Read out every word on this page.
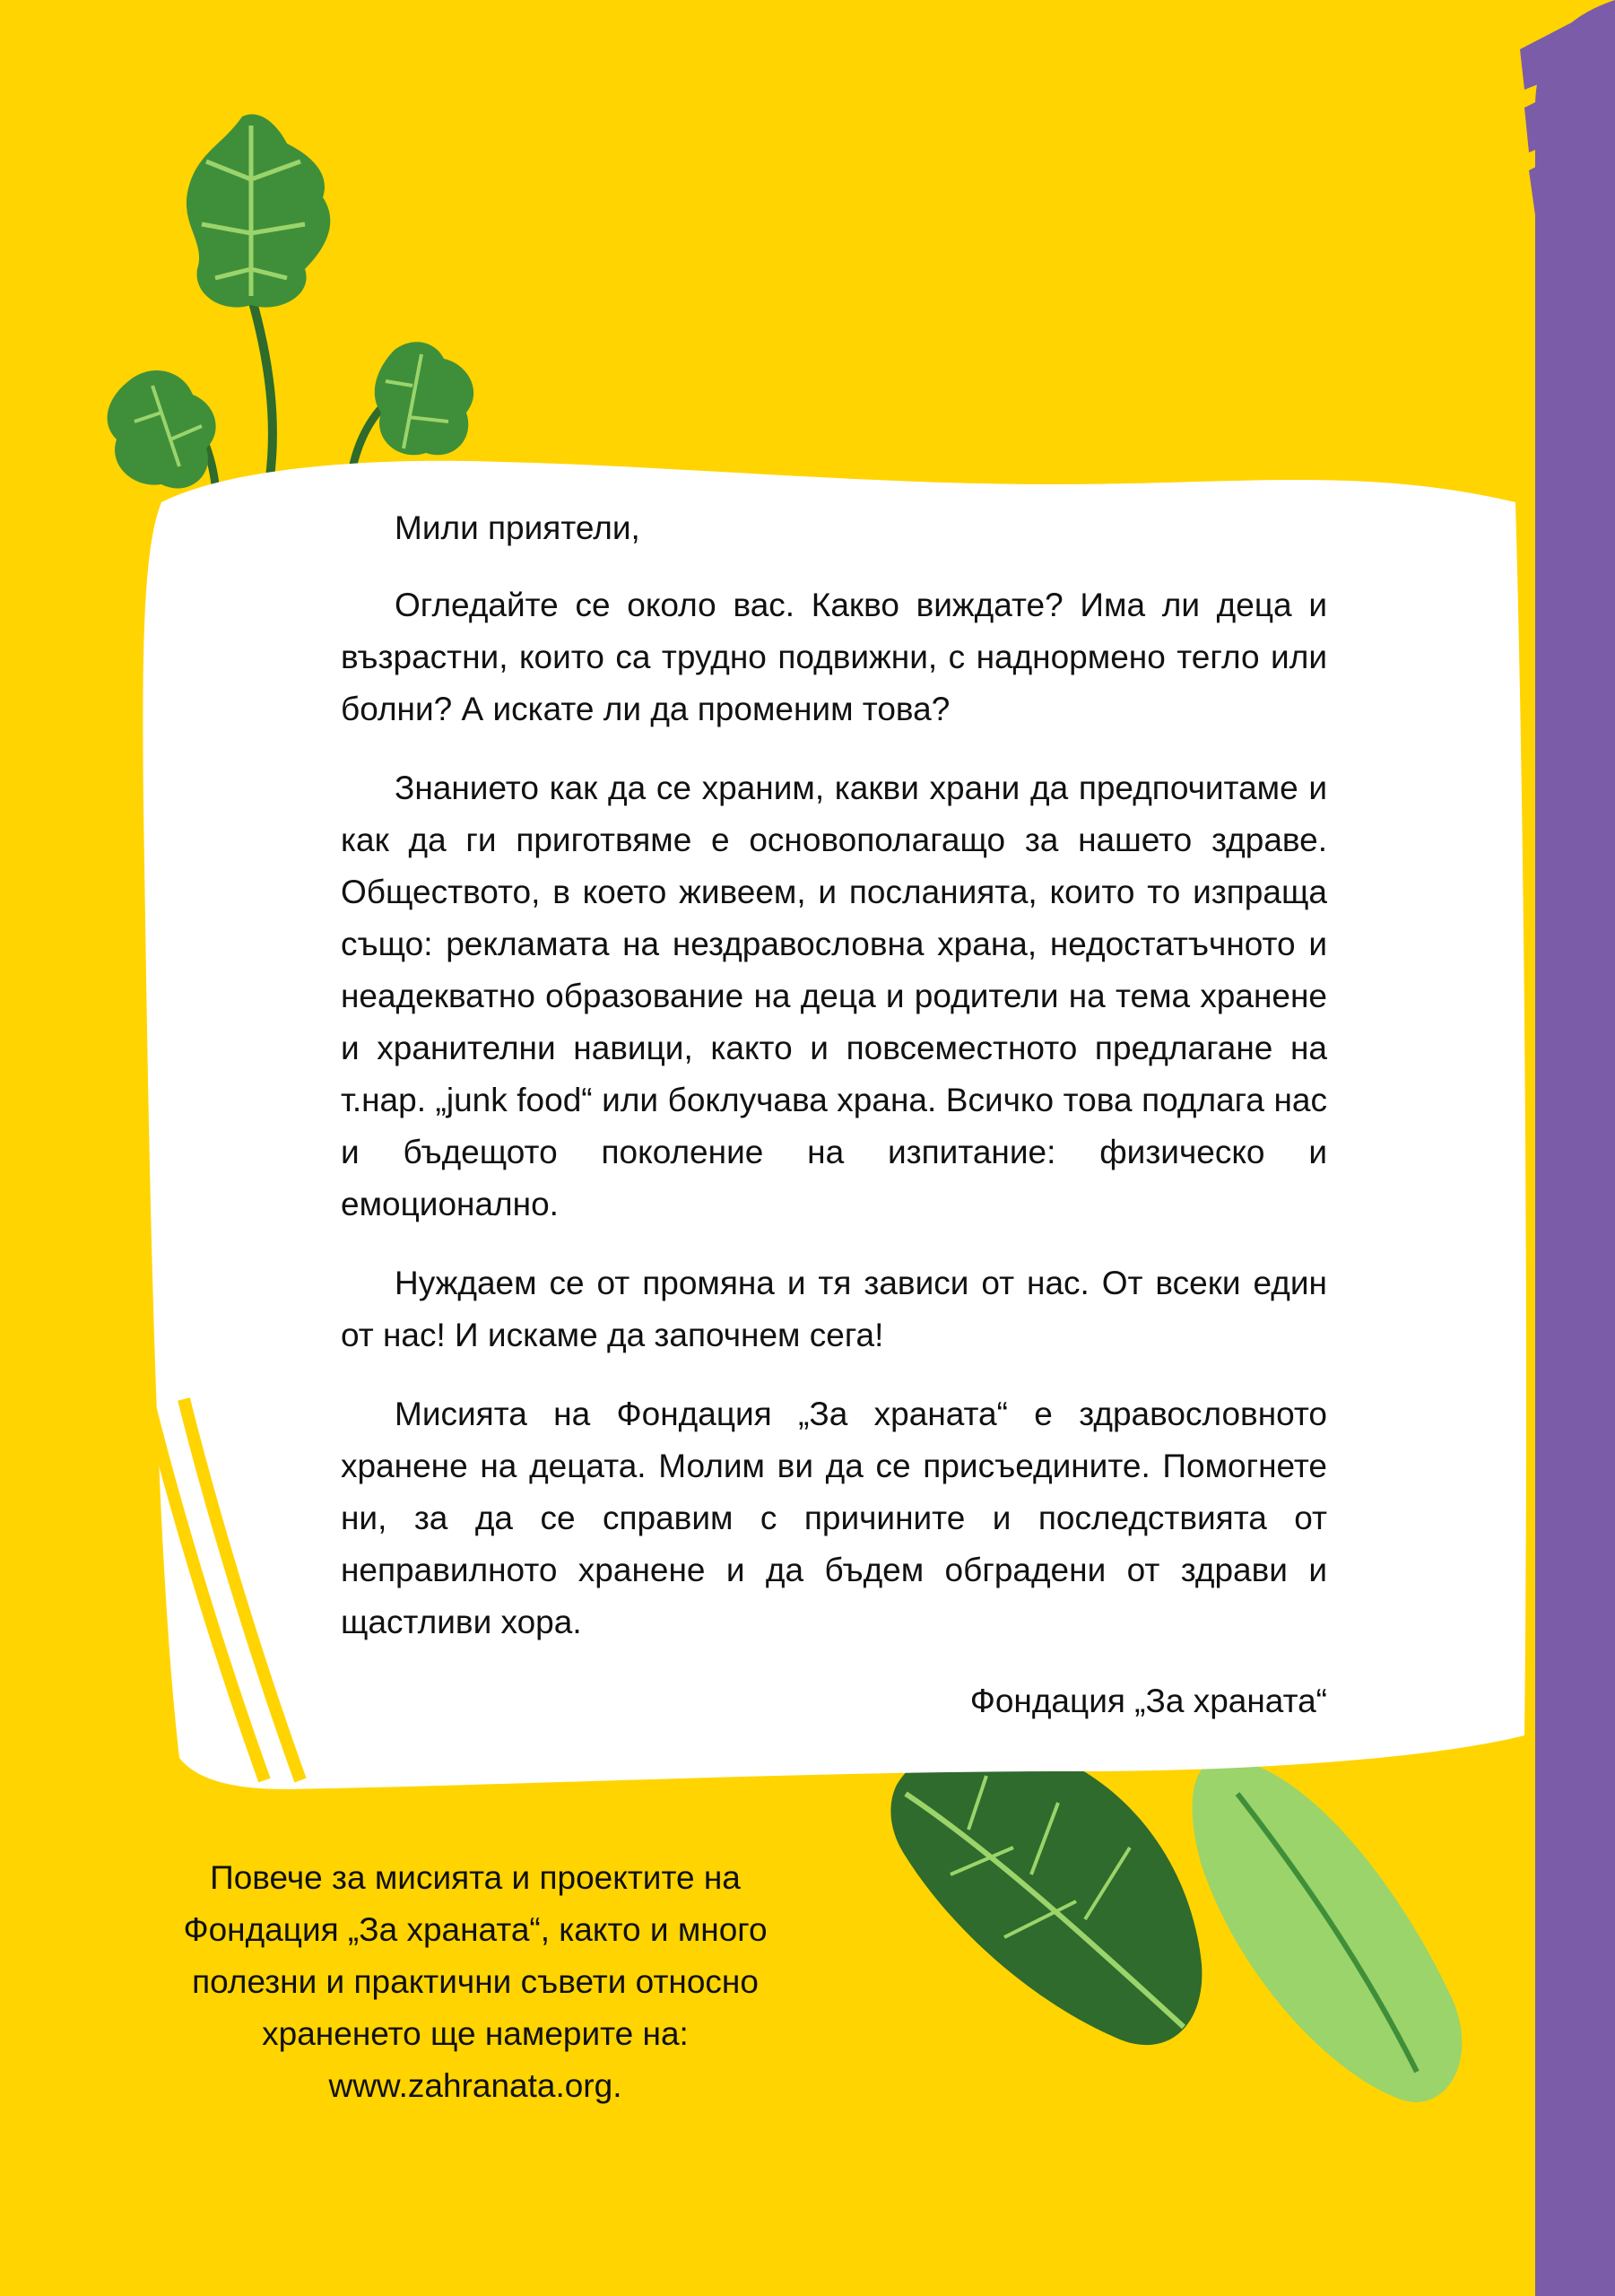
Мили приятели,

Огледайте се около вас. Какво виждате? Има ли деца и възрастни, които са трудно подвижни, с наднормено тегло или болни? А искате ли да променим това?

Знанието как да се храним, какви храни да предпочитаме и как да ги приготвяме е основополагащо за нашето здраве. Обществото, в което живеем, и посланията, които то изпраща също: рекламата на нездравословна храна, недостатъчното и неадекватно образование на деца и родители на тема хранене и хранителни навици, както и повсеместното предлагане на т.нар. „junk food“ или боклучава храна. Всичко това подлага нас и бъдещото поколение на изпитание: физическо и емоционално.

Нуждаем се от промяна и тя зависи от нас. От всеки един от нас! И искаме да започнем сега!

Мисията на Фондация „За храната“ е здравословното хранене на децата. Молим ви да се присъедините. Помогнете ни, за да се справим с причините и последствията от неправилното хранене и да бъдем обградени от здрави и щастливи хора.

Фондация „За храната“

Повече за мисията и проектите на
Фондация „За храната“, както и много
полезни и практични съвети относно
храненето ще намерите на:
www.zahranata.org.
